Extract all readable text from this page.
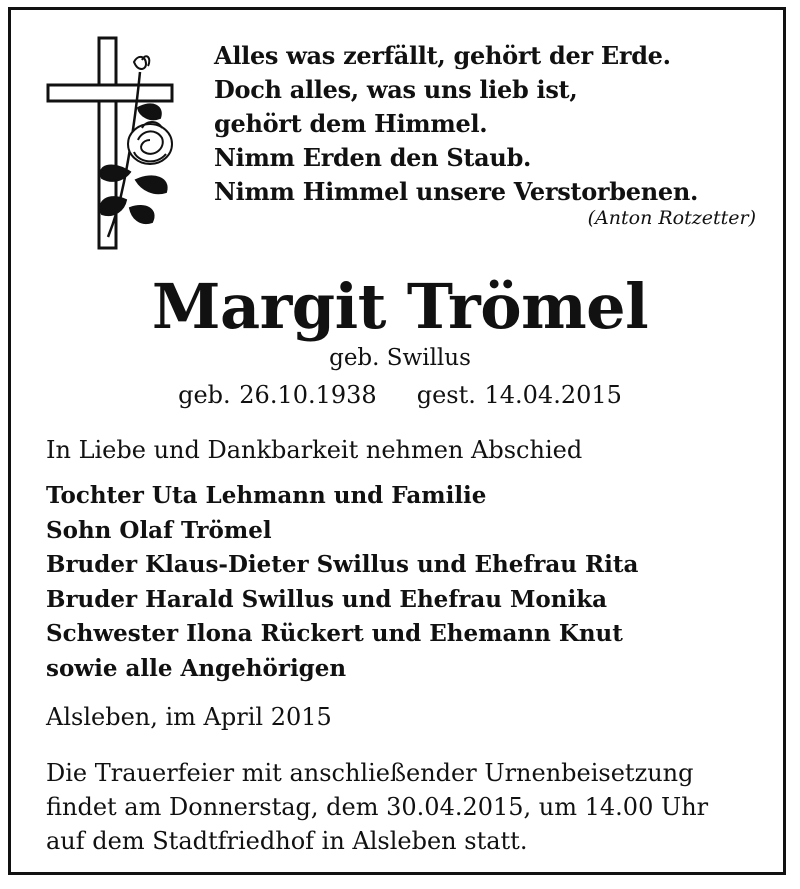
Alles was zerfällt, gehört der Erde.
Doch alles, was uns lieb ist,
gehört dem Himmel.
Nimm Erden den Staub.
Nimm Himmel unsere Verstorbenen.
(Anton Rotzetter)
Margit Trömel
geb. Swillus
geb. 26.10.1938 gest. 14.04.2015
In Liebe und Dankbarkeit nehmen Abschied
Tochter Uta Lehmann und Familie
Sohn Olaf Trömel
Bruder Klaus-Dieter Swillus und Ehefrau Rita
Bruder Harald Swillus und Ehefrau Monika
Schwester Ilona Rückert und Ehemann Knut
sowie alle Angehörigen
Alsleben, im April 2015
Die Trauerfeier mit anschließender Urnenbeisetzung
findet am Donnerstag, dem 30.04.2015, um 14.00 Uhr
auf dem Stadtfriedhof in Alsleben statt.
